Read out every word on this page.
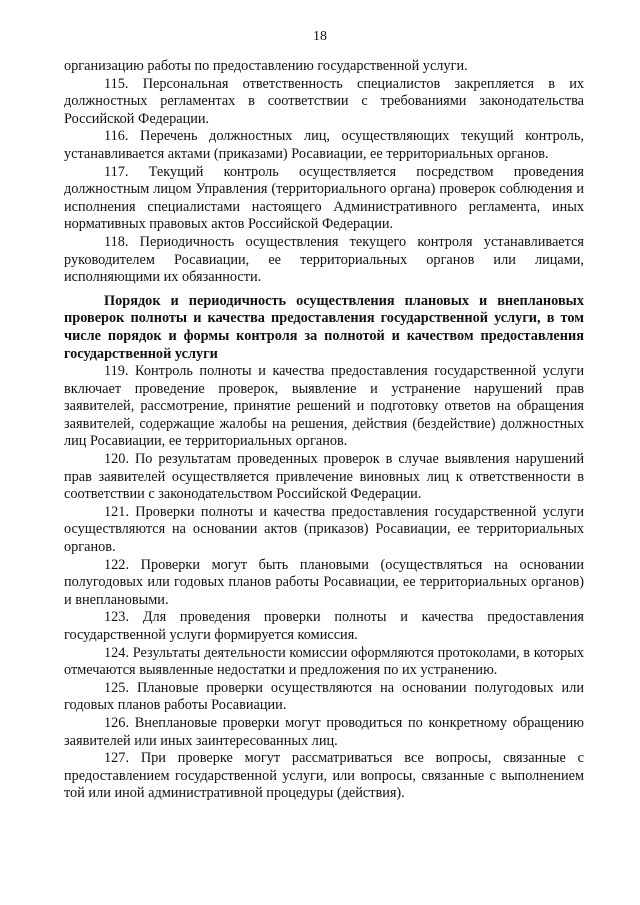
18

организацию работы по предоставлению государственной услуги.

115. Персональная ответственность специалистов закрепляется в их должностных регламентах в соответствии с требованиями законодательства Российской Федерации.

116. Перечень должностных лиц, осуществляющих текущий контроль, устанавливается актами (приказами) Росавиации, ее территориальных органов.

117. Текущий контроль осуществляется посредством проведения должностным лицом Управления (территориального органа) проверок соблюдения и исполнения специалистами настоящего Административного регламента, иных нормативных правовых актов Российской Федерации.

118. Периодичность осуществления текущего контроля устанавливается руководителем Росавиации, ее территориальных органов или лицами, исполняющими их обязанности.

Порядок и периодичность осуществления плановых и внеплановых проверок полноты и качества предоставления государственной услуги, в том числе порядок и формы контроля за полнотой и качеством предоставления государственной услуги

119. Контроль полноты и качества предоставления государственной услуги включает проведение проверок, выявление и устранение нарушений прав заявителей, рассмотрение, принятие решений и подготовку ответов на обращения заявителей, содержащие жалобы на решения, действия (бездействие) должностных лиц Росавиации, ее территориальных органов.

120. По результатам проведенных проверок в случае выявления нарушений прав заявителей осуществляется привлечение виновных лиц к ответственности в соответствии с законодательством Российской Федерации.

121. Проверки полноты и качества предоставления государственной услуги осуществляются на основании актов (приказов) Росавиации, ее территориальных органов.

122. Проверки могут быть плановыми (осуществляться на основании полугодовых или годовых планов работы Росавиации, ее территориальных органов) и внеплановыми.

123. Для проведения проверки полноты и качества предоставления государственной услуги формируется комиссия.

124. Результаты деятельности комиссии оформляются протоколами, в которых отмечаются выявленные недостатки и предложения по их устранению.

125. Плановые проверки осуществляются на основании полугодовых или годовых планов работы Росавиации.

126. Внеплановые проверки могут проводиться по конкретному обращению заявителей или иных заинтересованных лиц.

127. При проверке могут рассматриваться все вопросы, связанные с предоставлением государственной услуги, или вопросы, связанные с выполнением той или иной административной процедуры (действия).
